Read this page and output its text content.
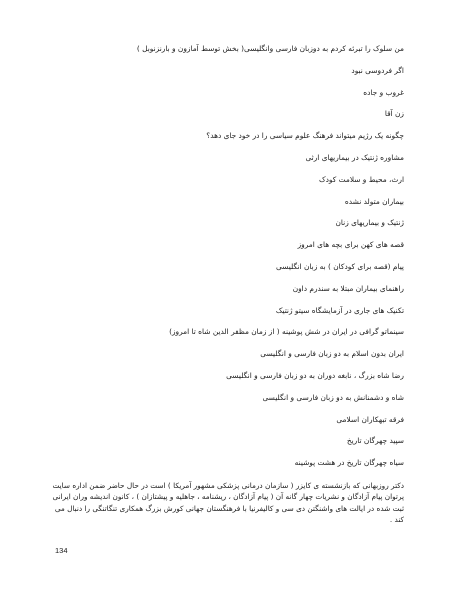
من سلوک را تبرئه کردم به دوزبان فارسی وانگلیسی( بخش توسط آمازون و بارنزنوبل )
اگر فردوسی نبود
غروب و جاده
زن آقا
چگونه یک رژیم میتواند فرهنگ علوم سیاسی را در خود جای دهد؟
مشاوره ژنتیک در بیماریهای ارثی
ارث، محیط و سلامت کودک
بیماران متولد نشده
ژنتیک و بیماریهای زنان
قصه های کهن برای بچه های امروز
پیام (قصه برای کودکان ) به زبان انگلیسی
راهنمای بیماران مبتلا به سندرم داون
تکنیک های جاری در آزمایشگاه سیتو ژنتیک
سینماتو گرافی در ایران در شش پوشینه ( از زمان مظفر الدین شاه تا امروز)
ایران بدون اسلام به دو زبان فارسی و انگلیسی
رضا شاه بزرگ ، نابغه دوران به دو زبان فارسی و انگلیسی
شاه و دشمنانش به دو زبان فارسی و انگلیسی
فرقه تبهکاران اسلامی
سپید چهرگان تاریخ
سیاه چهرگان تاریخ در هشت پوشینه

دکتر روزبهانی که بازنشسته ی کایزر ( سازمان درمانی پزشکی مشهور آمریکا ) است در حال حاضر ضمن اداره سایت پرتوان پیام آزادگان و نشریات چهار گانه آن ( پیام آزادگان ، ریشنامه ، جاهلیه و پیشتازان ) ، کانون اندیشه وران ایرانی ثبت شده در ایالت های واشنگتن دی سی و کالیفرنیا با فرهنگستان جهانی کورش بزرگ همکاری تنگاتنگی را دنبال می کند .

134
